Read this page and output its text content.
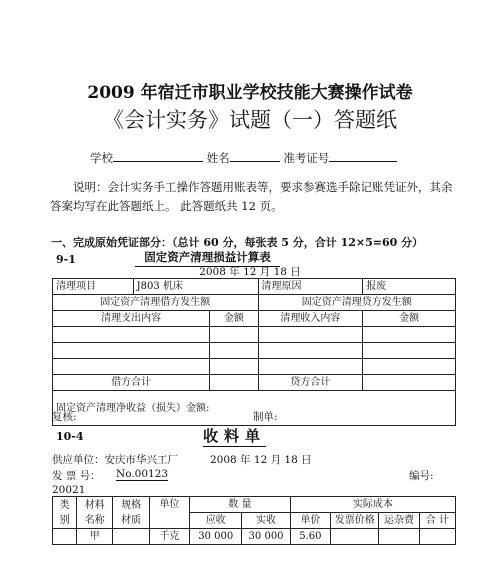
2009 年宿迁市职业学校技能大赛操作试卷
《会计实务》试题（一）答题纸
学校	姓名	准考证号
说明：会计实务手工操作答题用账表等，要求参赛选手除记账凭证外，其余答案均写在此答题纸上。 此答题纸共 12 页。
一、完成原始凭证部分：（总计 60 分，每张表 5 分，合计 12×5=60 分）
9-1	固定资产清理损益计算表
2008 年 12 月 18 日
清理项目	J803 机床		清理原因	报废
固定资产清理借方发生额			固定资产清理贷方发生额	
清理支出内容		金额	清理收入内容	金额

借方合计			贷方合计	
固定资产清理净收益（损失）金额:				
复核:	制单:
10-4	收料单
供应单位：安庆市华兴工厂	2008 年 12 月 18 日
发 票 号： No.00123	编号:
20021
类别	材料名称	规格材质	单位	数 量		实际成本			
				应收	实收	单价	发票价格	运杂费	合 计
	甲		千克	30 000	30 000	5.60			
